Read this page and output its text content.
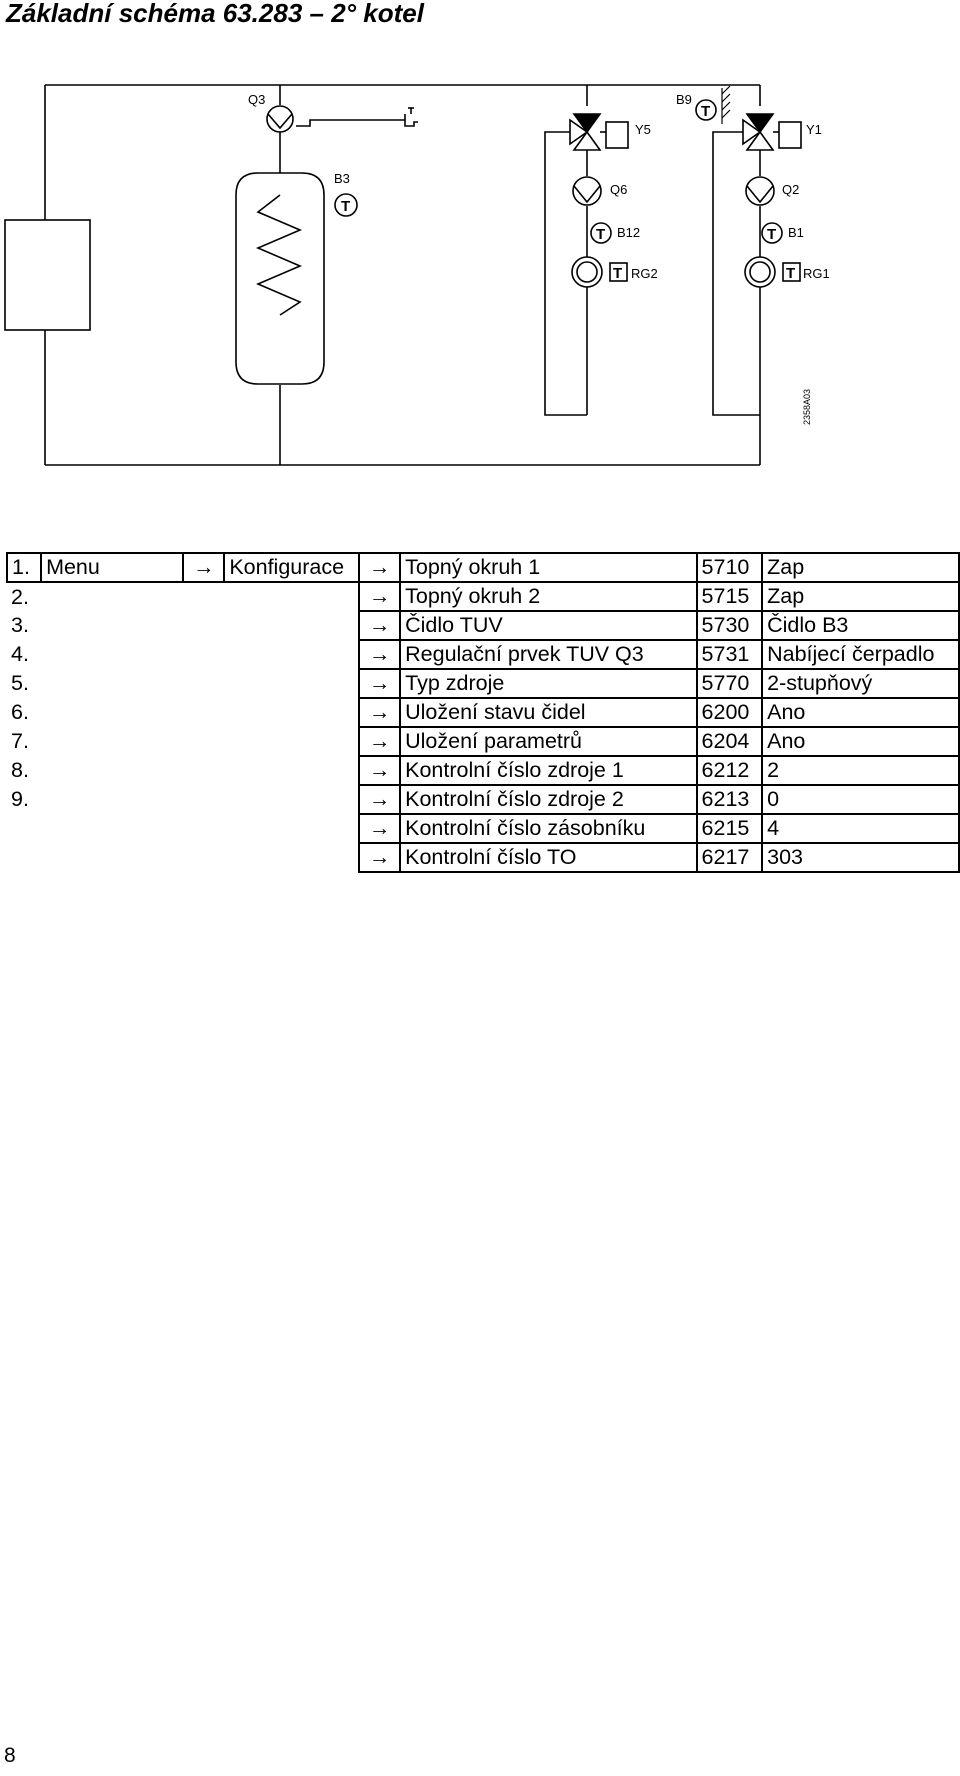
Základní schéma 63.283 – 2° kotel
Q3
T
B3
T
B9
Y5	Y1
Q6	Q2
T B12	T B1
T RG2	T RG1
2358A03
1.	Menu	→	Konfigurace	→	Topný okruh 1	5710	Zap
2.				→	Topný okruh 2	5715	Zap
3.				→	Čidlo TUV	5730	Čidlo B3
4.				→	Regulační prvek TUV Q3	5731	Nabíjecí čerpadlo
5.				→	Typ zdroje	5770	2-stupňový
6.				→	Uložení stavu čidel	6200	Ano
7.				→	Uložení parametrů	6204	Ano
8.				→	Kontrolní číslo zdroje 1	6212	2
9.				→	Kontrolní číslo zdroje 2	6213	0
				→	Kontrolní číslo zásobníku	6215	4
				→	Kontrolní číslo TO	6217	303
8
